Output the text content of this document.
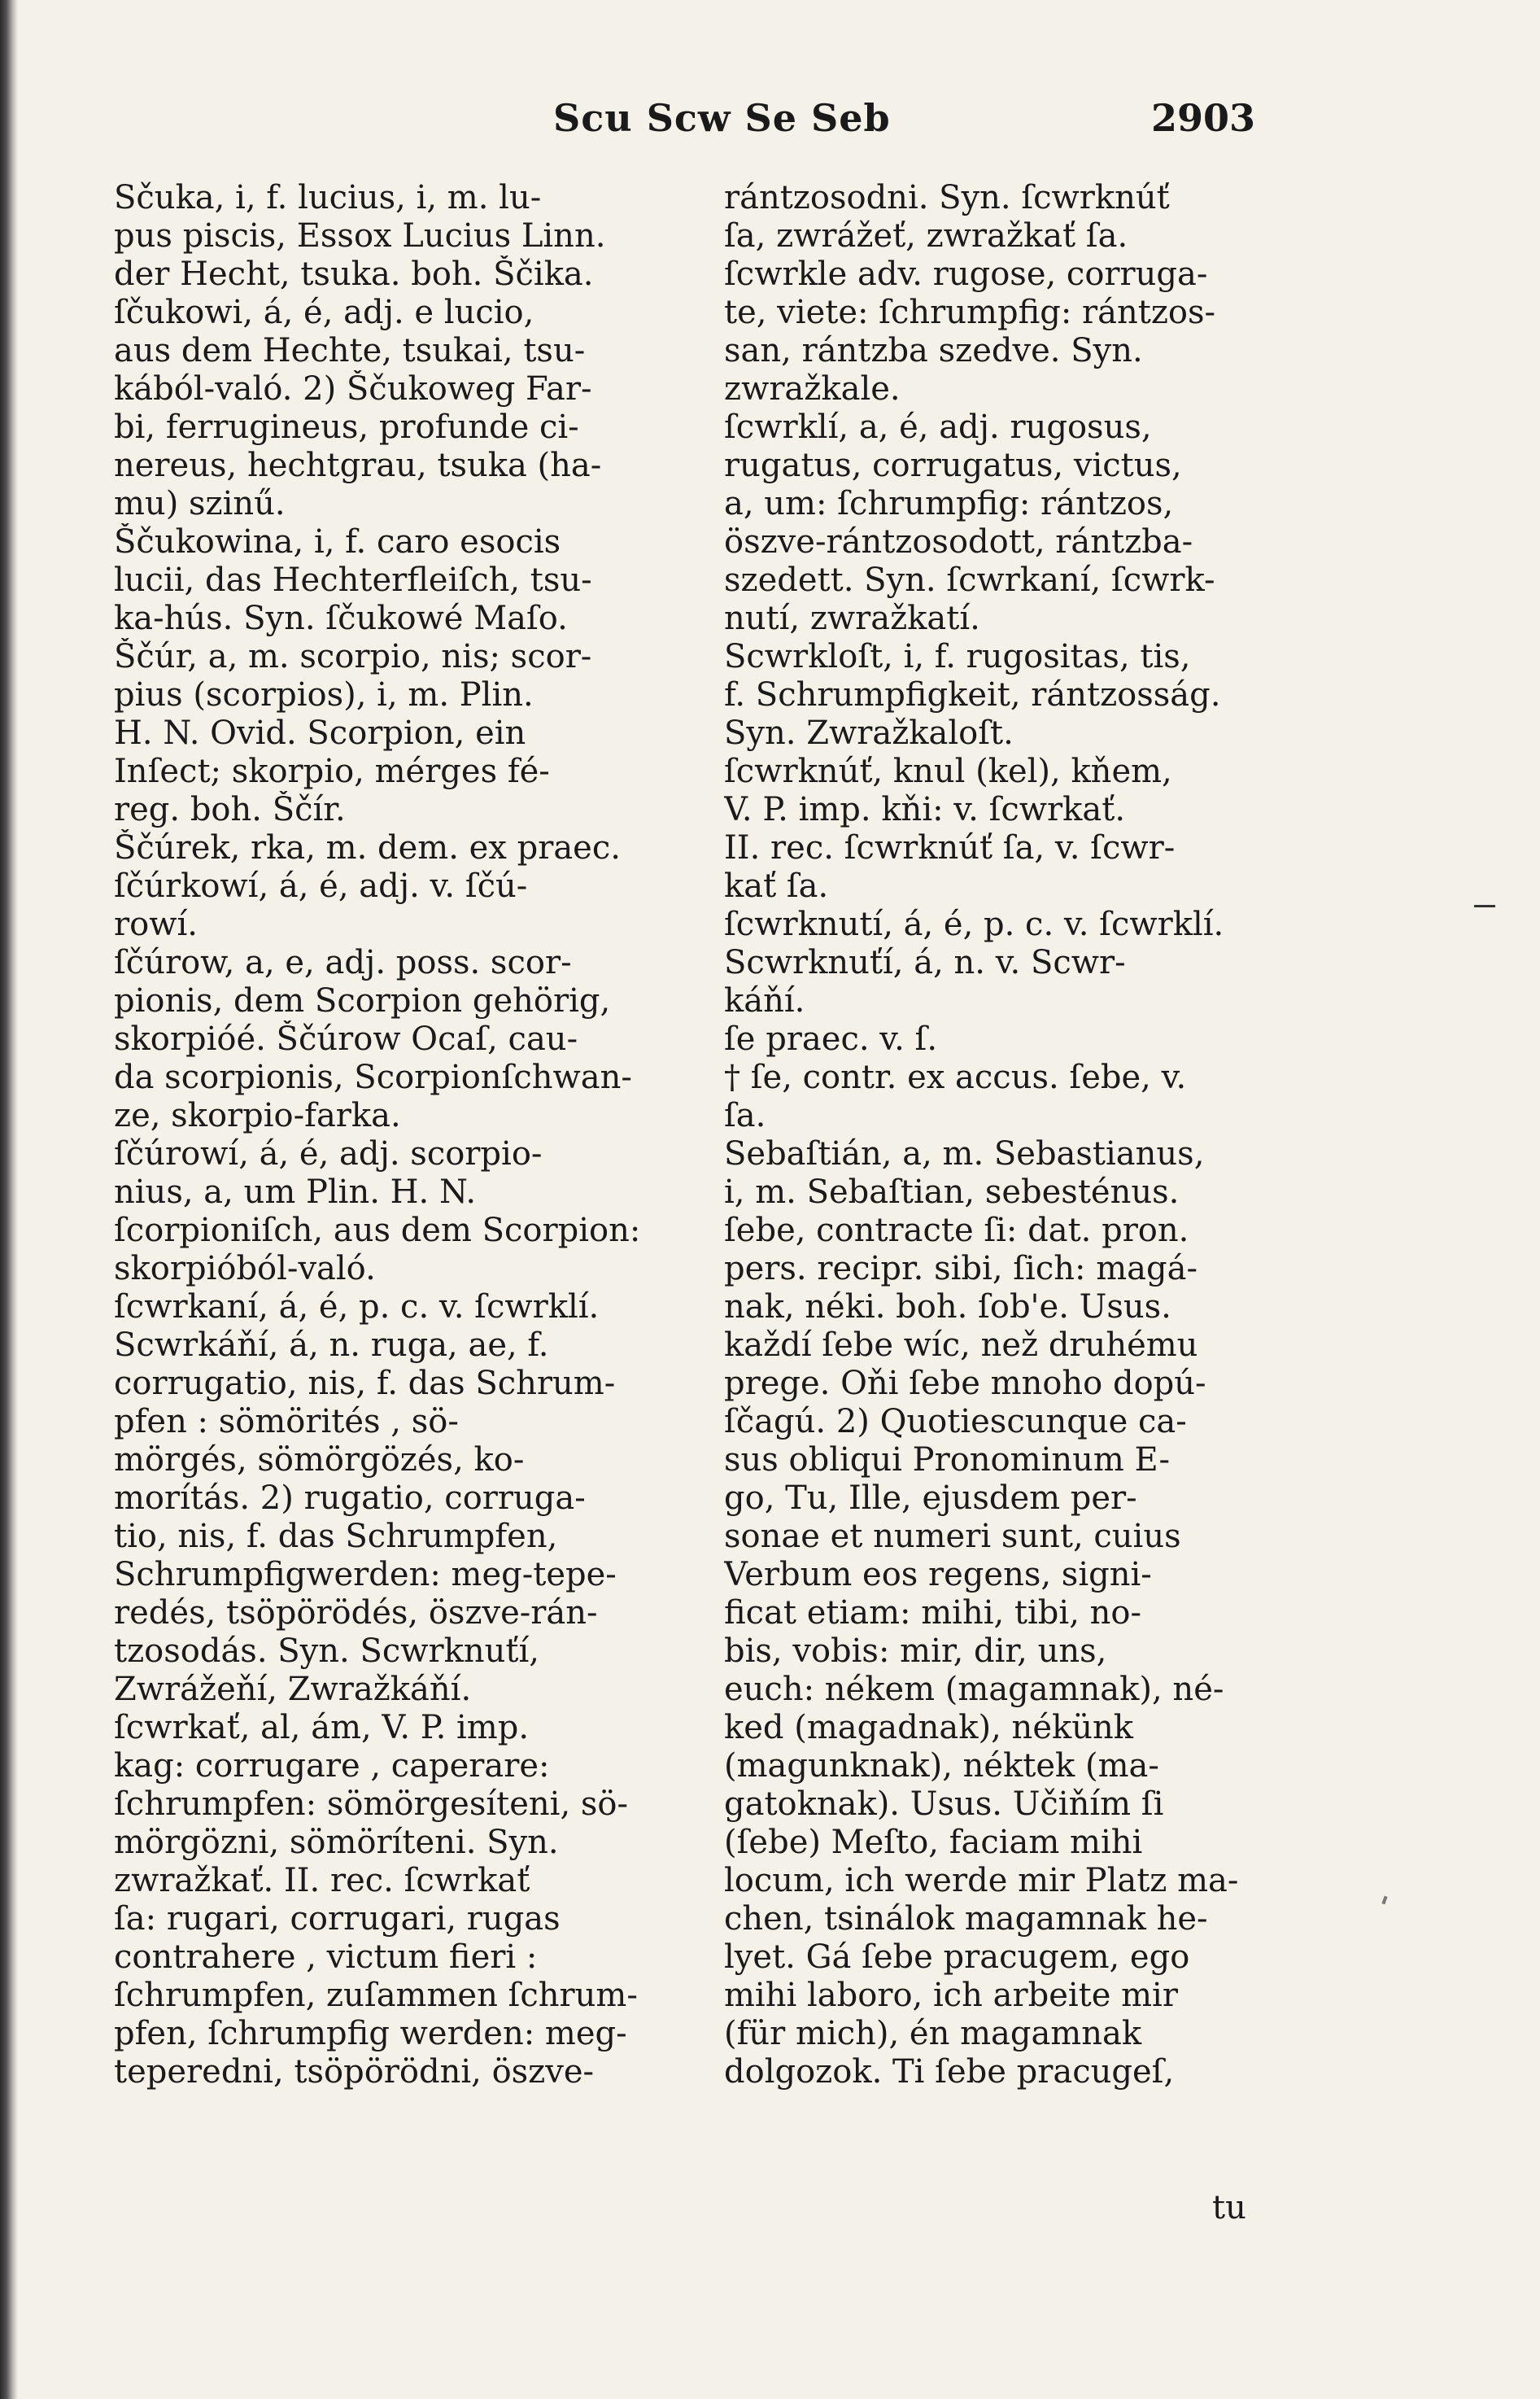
Scu Scw Se Seb	2903
Sčuka, i, f. lucius, i, m. lu-
pus piscis, Essox Lucius Linn.
der Hecht, tsuka. boh. Ščika.
ſčukowi, á, é, adj. e lucio,
aus dem Hechte, tsukai, tsu-
kából-való. 2) Ščukoweg Far-
bi, ferrugineus, profunde ci-
nereus, hechtgrau, tsuka (ha-
mu) szinű.
Ščukowina, i, f. caro esocis
lucii, das Hechterfleiſch, tsu-
ka-hús. Syn. ſčukowé Maſo.
Ščúr, a, m. scorpio, nis; scor-
pius (scorpios), i, m. Plin.
H. N. Ovid. Scorpion, ein
Inſect; skorpio, mérges fé-
reg. boh. Ščír.
Ščúrek, rka, m. dem. ex praec.
ſčúrkowí, á, é, adj. v. ſčú-
rowí.
ſčúrow, a, e, adj. poss. scor-
pionis, dem Scorpion gehörig,
skorpióé. Ščúrow Ocaſ, cau-
da scorpionis, Scorpionſchwan-
ze, skorpio-farka.
ſčúrowí, á, é, adj. scorpio-
nius, a, um Plin. H. N.
ſcorpioniſch, aus dem Scorpion:
skorpióból-való.
ſcwrkaní, á, é, p. c. v. ſcwrklí.
Scwrkáňí, á, n. ruga, ae, f.
corrugatio, nis, f. das Schrum-
pfen : sömörités , sö-
mörgés, sömörgözés, ko-
morítás. 2) rugatio, corruga-
tio, nis, f. das Schrumpfen,
Schrumpfigwerden: meg-tepe-
redés, tsöpörödés, öszve-rán-
tzosodás. Syn. Scwrknuťí,
Zwrážeňí, Zwražkáňí.
ſcwrkať, al, ám, V. P. imp.
kag: corrugare , caperare:
ſchrumpfen: sömörgesíteni, sö-
mörgözni, sömöríteni. Syn.
zwražkať. II. rec. ſcwrkať
ſa: rugari, corrugari, rugas
contrahere , victum fieri :
ſchrumpfen, zuſammen ſchrum-
pfen, ſchrumpfig werden: meg-
teperedni, tsöpörödni, öszve-
rántzosodni. Syn. ſcwrknúť
ſa, zwrážeť, zwražkať ſa.
ſcwrkle adv. rugose, corruga-
te, viete: ſchrumpfig: rántzos-
san, rántzba szedve. Syn.
zwražkale.
ſcwrklí, a, é, adj. rugosus,
rugatus, corrugatus, victus,
a, um: ſchrumpfig: rántzos,
öszve-rántzosodott, rántzba-
szedett. Syn. ſcwrkaní, ſcwrk-
nutí, zwražkatí.
Scwrkloſt, i, f. rugositas, tis,
f. Schrumpfigkeit, rántzosság.
Syn. Zwražkaloſt.
ſcwrknúť, knul (kel), kňem,
V. P. imp. kňi: v. ſcwrkať.
II. rec. ſcwrknúť ſa, v. ſcwr-
kať ſa.
ſcwrknutí, á, é, p. c. v. ſcwrklí.
Scwrknuťí, á, n. v. Scwr-
káňí.
ſe praec. v. ſ.
† ſe, contr. ex accus. ſebe, v.
ſa.
Sebaſtián, a, m. Sebastianus,
i, m. Sebaſtian, sebesténus.
ſebe, contracte ſi: dat. pron.
pers. recipr. sibi, ſich: magá-
nak, néki. boh. ſob'e. Usus.
každí ſebe wíc, než druhému
prege. Oňi ſebe mnoho dopú-
ſčagú. 2) Quotiescunque ca-
sus obliqui Pronominum E-
go, Tu, Ille, ejusdem per-
sonae et numeri sunt, cuius
Verbum eos regens, signi-
ficat etiam: mihi, tibi, no-
bis, vobis: mir, dir, uns,
euch: nékem (magamnak), né-
ked (magadnak), nékünk
(magunknak), néktek (ma-
gatoknak). Usus. Učiňím ſi
(ſebe) Meſto, faciam mihi
locum, ich werde mir Platz ma-
chen, tsinálok magamnak he-
lyet. Gá ſebe pracugem, ego
mihi laboro, ich arbeite mir
(für mich), én magamnak
dolgozok. Ti ſebe pracugeſ,
tu
